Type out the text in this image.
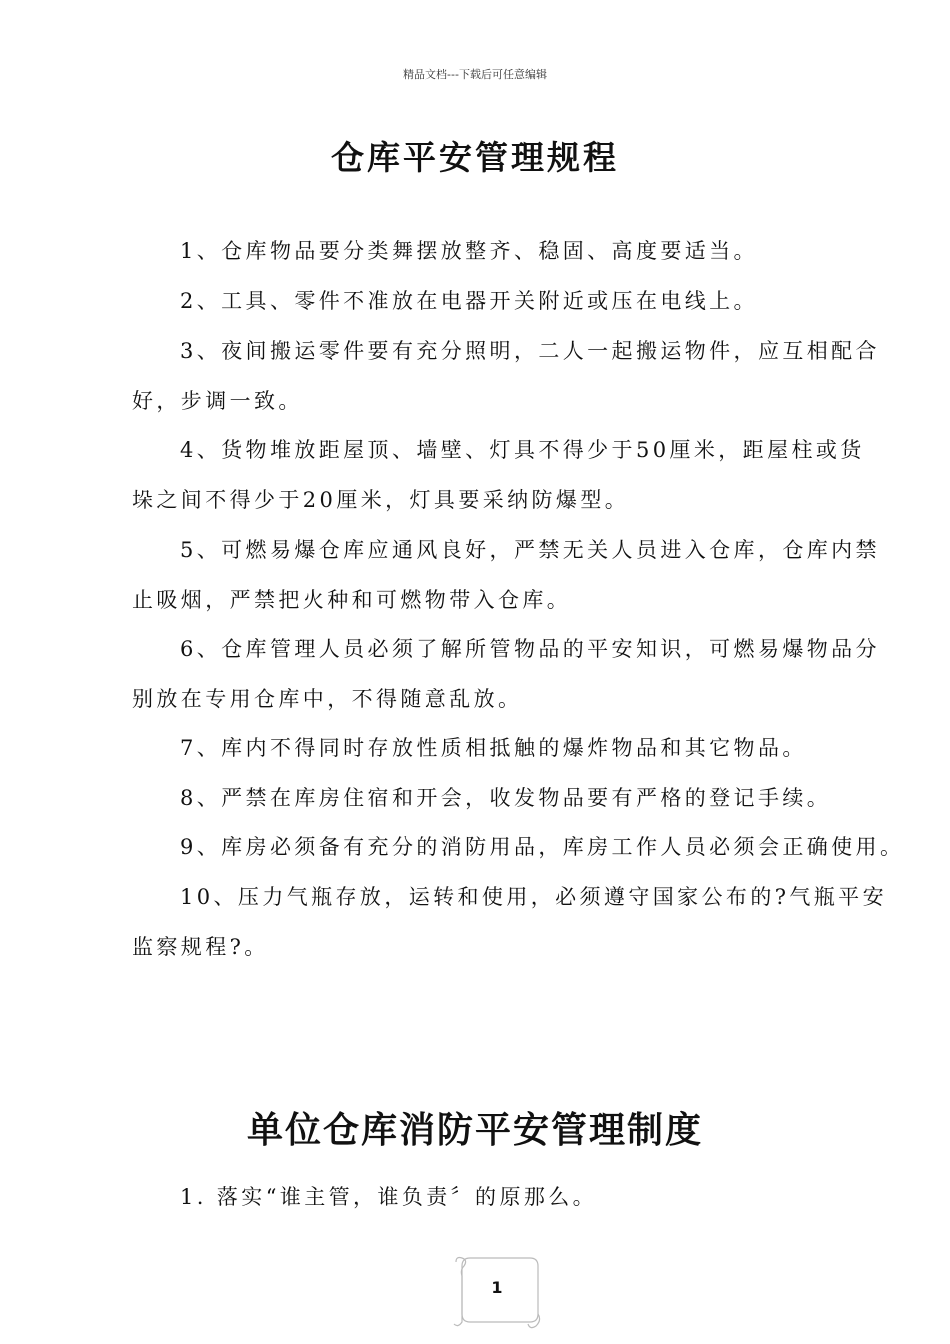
精品文档---下载后可任意编辑
仓库平安管理规程

1、仓库物品要分类舞摆放整齐、稳固、高度要适当。

2、工具、零件不准放在电器开关附近或压在电线上。

3、夜间搬运零件要有充分照明，二人一起搬运物件，应互相配合
好，步调一致。

4、货物堆放距屋顶、墙壁、灯具不得少于50厘米，距屋柱或货
垛之间不得少于20厘米，灯具要采纳防爆型。

5、可燃易爆仓库应通风良好，严禁无关人员进入仓库，仓库内禁
止吸烟，严禁把火种和可燃物带入仓库。

6、仓库管理人员必须了解所管物品的平安知识，可燃易爆物品分
别放在专用仓库中，不得随意乱放。

7、库内不得同时存放性质相抵触的爆炸物品和其它物品。

8、严禁在库房住宿和开会，收发物品要有严格的登记手续。

9、库房必须备有充分的消防用品，库房工作人员必须会正确使用。

10、压力气瓶存放，运转和使用，必须遵守国家公布的?气瓶平安
监察规程?。

单位仓库消防平安管理制度

1. 落实“谁主管，谁负责〞的原那么。

1
